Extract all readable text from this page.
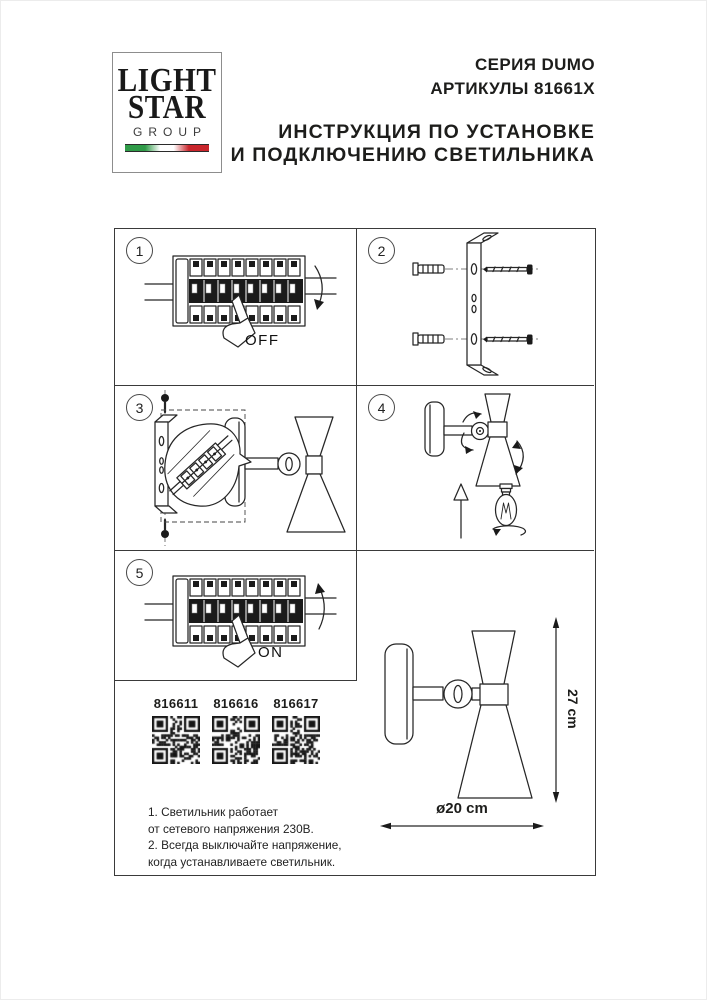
LIGHT
STAR
GROUP
СЕРИЯ DUMO
АРТИКУЛЫ 81661X
ИНСТРУКЦИЯ ПО УСТАНОВКЕ
И ПОДКЛЮЧЕНИЮ СВЕТИЛЬНИКА
1
OFF
2
3	4
5
ON
816611	816616	816617
1. Светильник работает
от сетевого напряжения 230В.
2. Всегда выключайте напряжение,
когда устанавливаете светильник.
27 cm
ø20 cm
